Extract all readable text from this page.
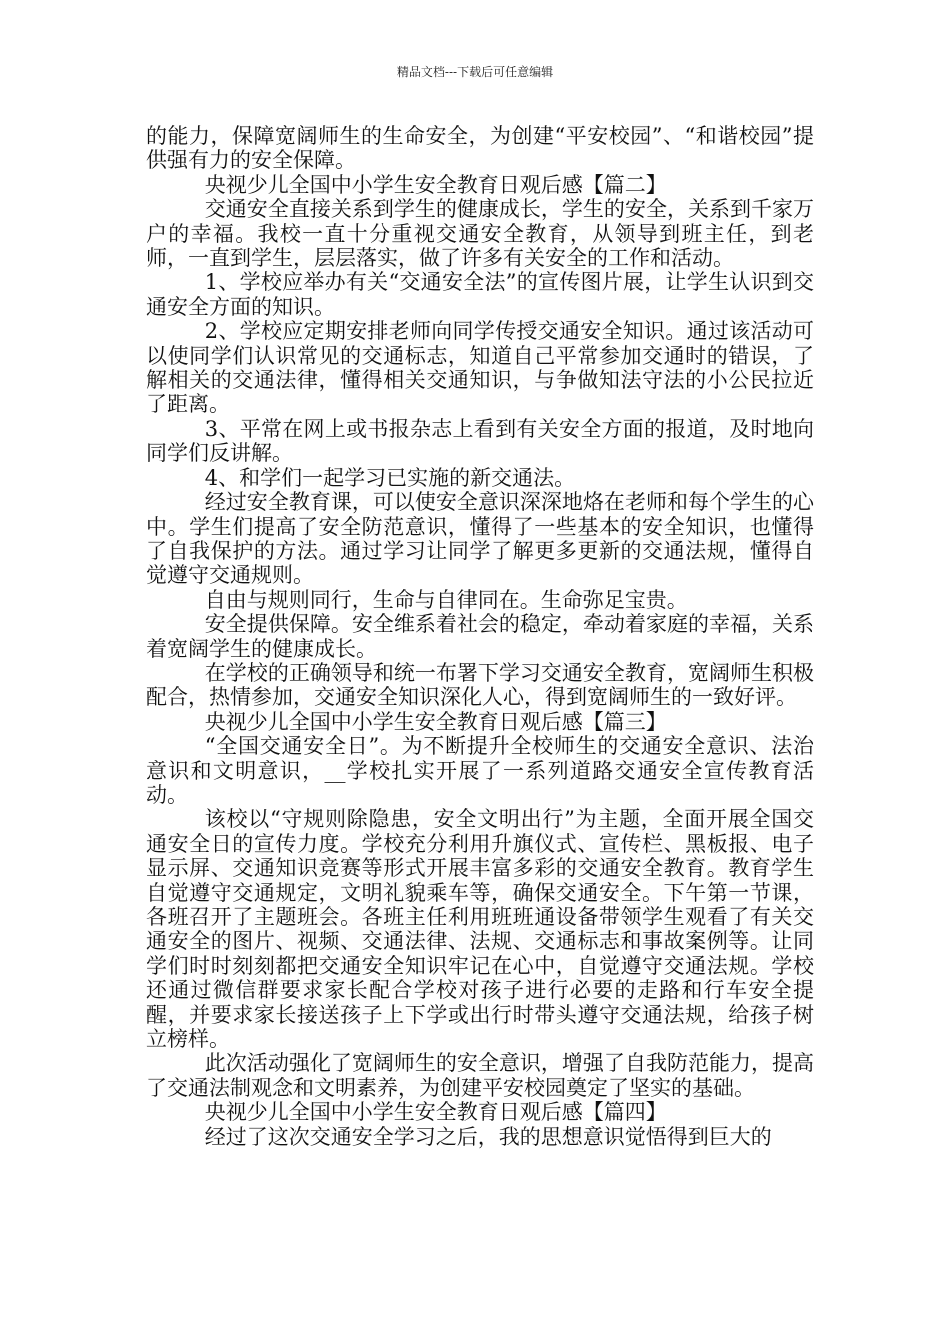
精品文档---下载后可任意编辑

的能力，保障宽阔师生的生命安全，为创建“平安校园”、“和谐校园”提供强有力的安全保障。

央视少儿全国中小学生安全教育日观后感【篇二】

交通安全直接关系到学生的健康成长，学生的安全，关系到千家万户的幸福。我校一直十分重视交通安全教育，从领导到班主任，到老师，一直到学生，层层落实，做了许多有关安全的工作和活动。

1、学校应举办有关“交通安全法”的宣传图片展，让学生认识到交通安全方面的知识。

2、学校应定期安排老师向同学传授交通安全知识。通过该活动可以使同学们认识常见的交通标志，知道自己平常参加交通时的错误，了解相关的交通法律，懂得相关交通知识，与争做知法守法的小公民拉近了距离。

3、平常在网上或书报杂志上看到有关安全方面的报道，及时地向同学们反讲解。

4、和学们一起学习已实施的新交通法。

经过安全教育课，可以使安全意识深深地烙在老师和每个学生的心中。学生们提高了安全防范意识，懂得了一些基本的安全知识，也懂得了自我保护的方法。通过学习让同学了解更多更新的交通法规，懂得自觉遵守交通规则。

自由与规则同行，生命与自律同在。生命弥足宝贵。

安全提供保障。安全维系着社会的稳定，牵动着家庭的幸福，关系着宽阔学生的健康成长。

在学校的正确领导和统一布署下学习交通安全教育，宽阔师生积极配合，热情参加，交通安全知识深化人心，得到宽阔师生的一致好评。

央视少儿全国中小学生安全教育日观后感【篇三】

“全国交通安全日”。为不断提升全校师生的交通安全意识、法治意识和文明意识，__学校扎实开展了一系列道路交通安全宣传教育活动。

该校以“守规则除隐患，安全文明出行”为主题，全面开展全国交通安全日的宣传力度。学校充分利用升旗仪式、宣传栏、黑板报、电子显示屏、交通知识竞赛等形式开展丰富多彩的交通安全教育。教育学生自觉遵守交通规定，文明礼貌乘车等，确保交通安全。下午第一节课，各班召开了主题班会。各班主任利用班班通设备带领学生观看了有关交通安全的图片、视频、交通法律、法规、交通标志和事故案例等。让同学们时时刻刻都把交通安全知识牢记在心中，自觉遵守交通法规。学校还通过微信群要求家长配合学校对孩子进行必要的走路和行车安全提醒，并要求家长接送孩子上下学或出行时带头遵守交通法规，给孩子树立榜样。

此次活动强化了宽阔师生的安全意识，增强了自我防范能力，提高了交通法制观念和文明素养，为创建平安校园奠定了坚实的基础。

央视少儿全国中小学生安全教育日观后感【篇四】

经过了这次交通安全学习之后，我的思想意识觉悟得到巨大的
